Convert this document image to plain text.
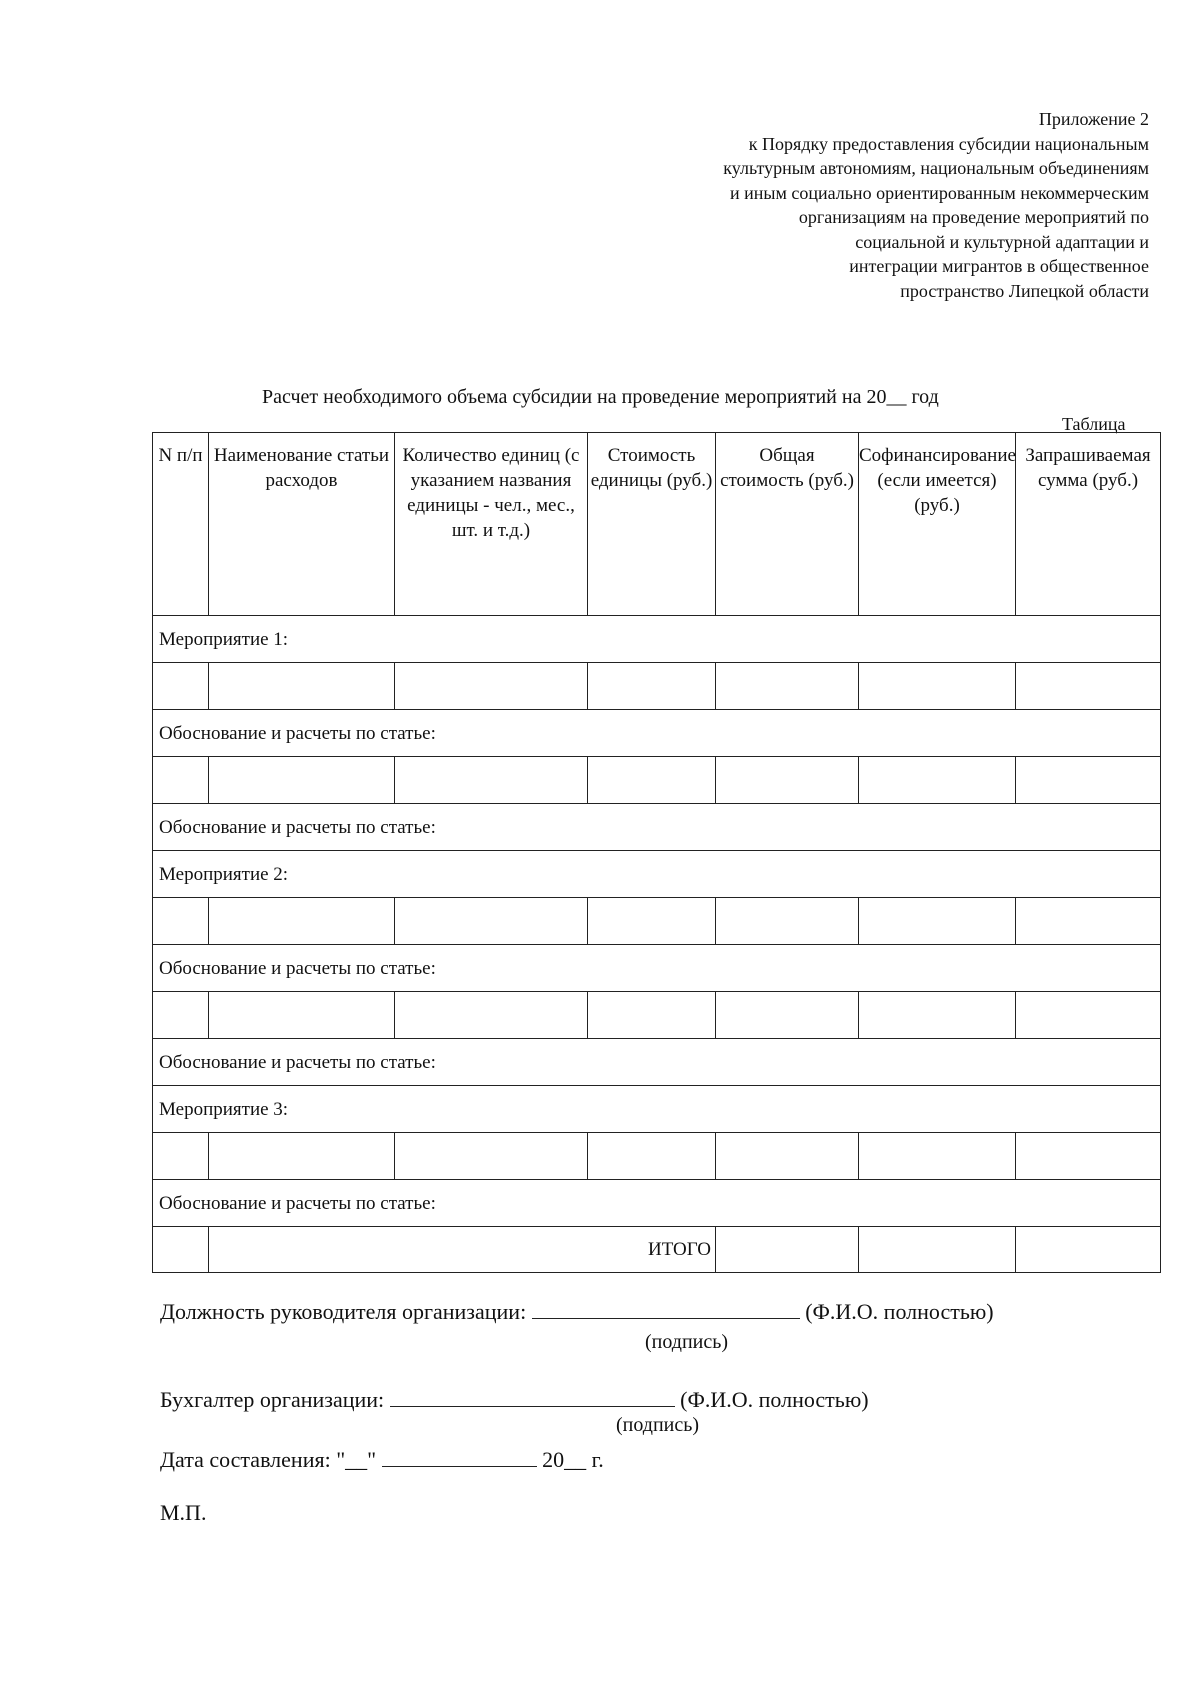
Приложение 2
к Порядку предоставления субсидии национальным
культурным автономиям, национальным объединениям
и иным социально ориентированным некоммерческим
организациям на проведение мероприятий по
социальной и культурной адаптации и
интеграции мигрантов в общественное
пространство Липецкой области
Расчет необходимого объема субсидии на проведение мероприятий на 20__ год
Таблица
N п/п	Наименование статьи расходов	Количество единиц (с указанием названия единицы - чел., мес., шт. и т.д.)	Стоимость единицы (руб.)	Общая стоимость (руб.)	Софинансирование (если имеется) (руб.)	Запрашиваемая сумма (руб.)
Мероприятие 1:						

Обоснование и расчеты по статье:						

Обоснование и расчеты по статье:						
Мероприятие 2:						

Обоснование и расчеты по статье:						

Обоснование и расчеты по статье:						
Мероприятие 3:						

Обоснование и расчеты по статье:						
	ИТОГО					
Должность руководителя организации:	(Ф.И.О. полностью)
(подпись)
Бухгалтер организации:	(Ф.И.О. полностью)
(подпись)
Дата составления: "__"	20__ г.
М.П.
